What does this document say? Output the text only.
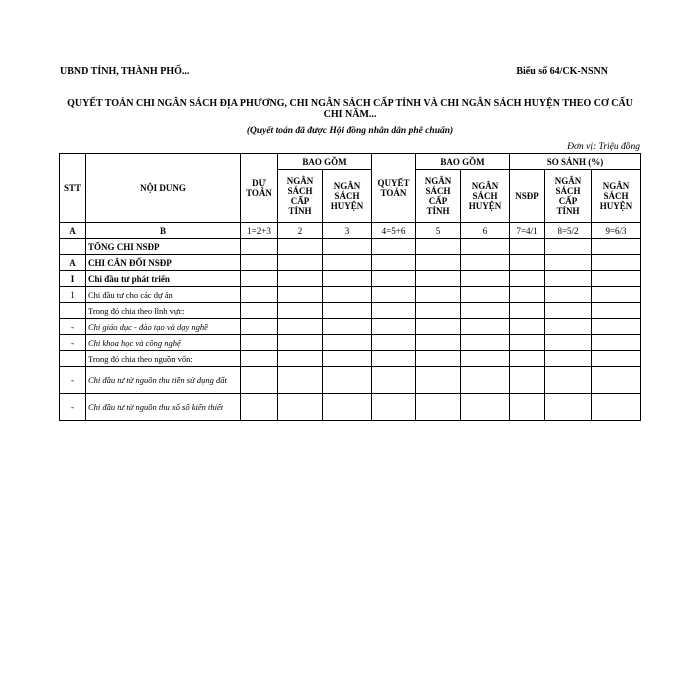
UBND TỈNH, THÀNH PHỐ...	Biểu số 64/CK-NSNN
QUYẾT TOÁN CHI NGÂN SÁCH ĐỊA PHƯƠNG, CHI NGÂN SÁCH CẤP TỈNH VÀ CHI NGÂN SÁCH HUYỆN THEO CƠ CẤU
CHI NĂM...
(Quyết toán đã được Hội đồng nhân dân phê chuẩn)
Đơn vị: Triệu đồng
STT	NỘI DUNG	DỰ TOÁN	BAO GỒM		QUYẾT TOÁN	BAO GỒM		SO SÁNH (%)		
			NGÂN SÁCH CẤP TỈNH	NGÂN SÁCH HUYỆN		NGÂN SÁCH CẤP TỈNH	NGÂN SÁCH HUYỆN	NSĐP	NGÂN SÁCH CẤP TỈNH	NGÂN SÁCH HUYỆN
A	B	1=2+3	2	3	4=5+6	5	6	7=4/1	8=5/2	9=6/3
	TỔNG CHI NSĐP									
A	CHI CÂN ĐỐI NSĐP									
I	Chi đầu tư phát triển									
1	Chi đầu tư cho các dự án									
	Trong đó chia theo lĩnh vực:									
-	Chi giáo dục - đào tạo và dạy nghề									
-	Chi khoa học và công nghệ									
	Trong đó chia theo nguồn vốn:									
-	Chi đầu tư từ nguồn thu tiền sử dụng đất									
-	Chi đầu tư từ nguồn thu xổ số kiến thiết									
